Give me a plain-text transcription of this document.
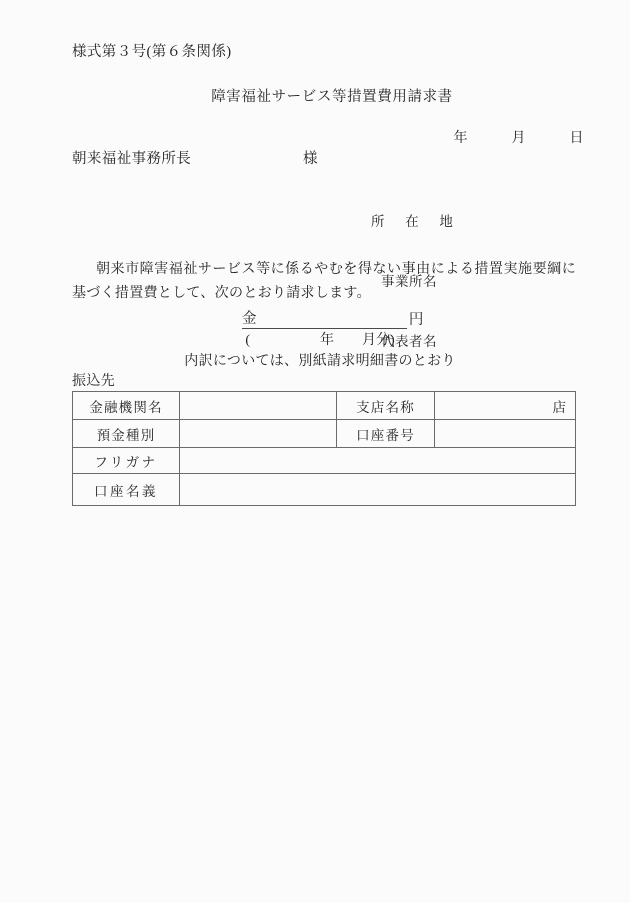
様式第３号(第６条関係)
障害福祉サービス等措置費用請求書
年　　　月　　　日
朝来福祉事務所長	様

所　在　地

事業所名

代表者名

朝来市障害福祉サービス等に係るやむを得ない事由による措置実施要綱に基づく措置費として、次のとおり請求します。
金	円
(　　　　　年　　月分)
内訳については、別紙請求明細書のとおり
振込先
金融機関名		支店名称	店
預金種別		口座番号	
フリガナ			
口座名義			
